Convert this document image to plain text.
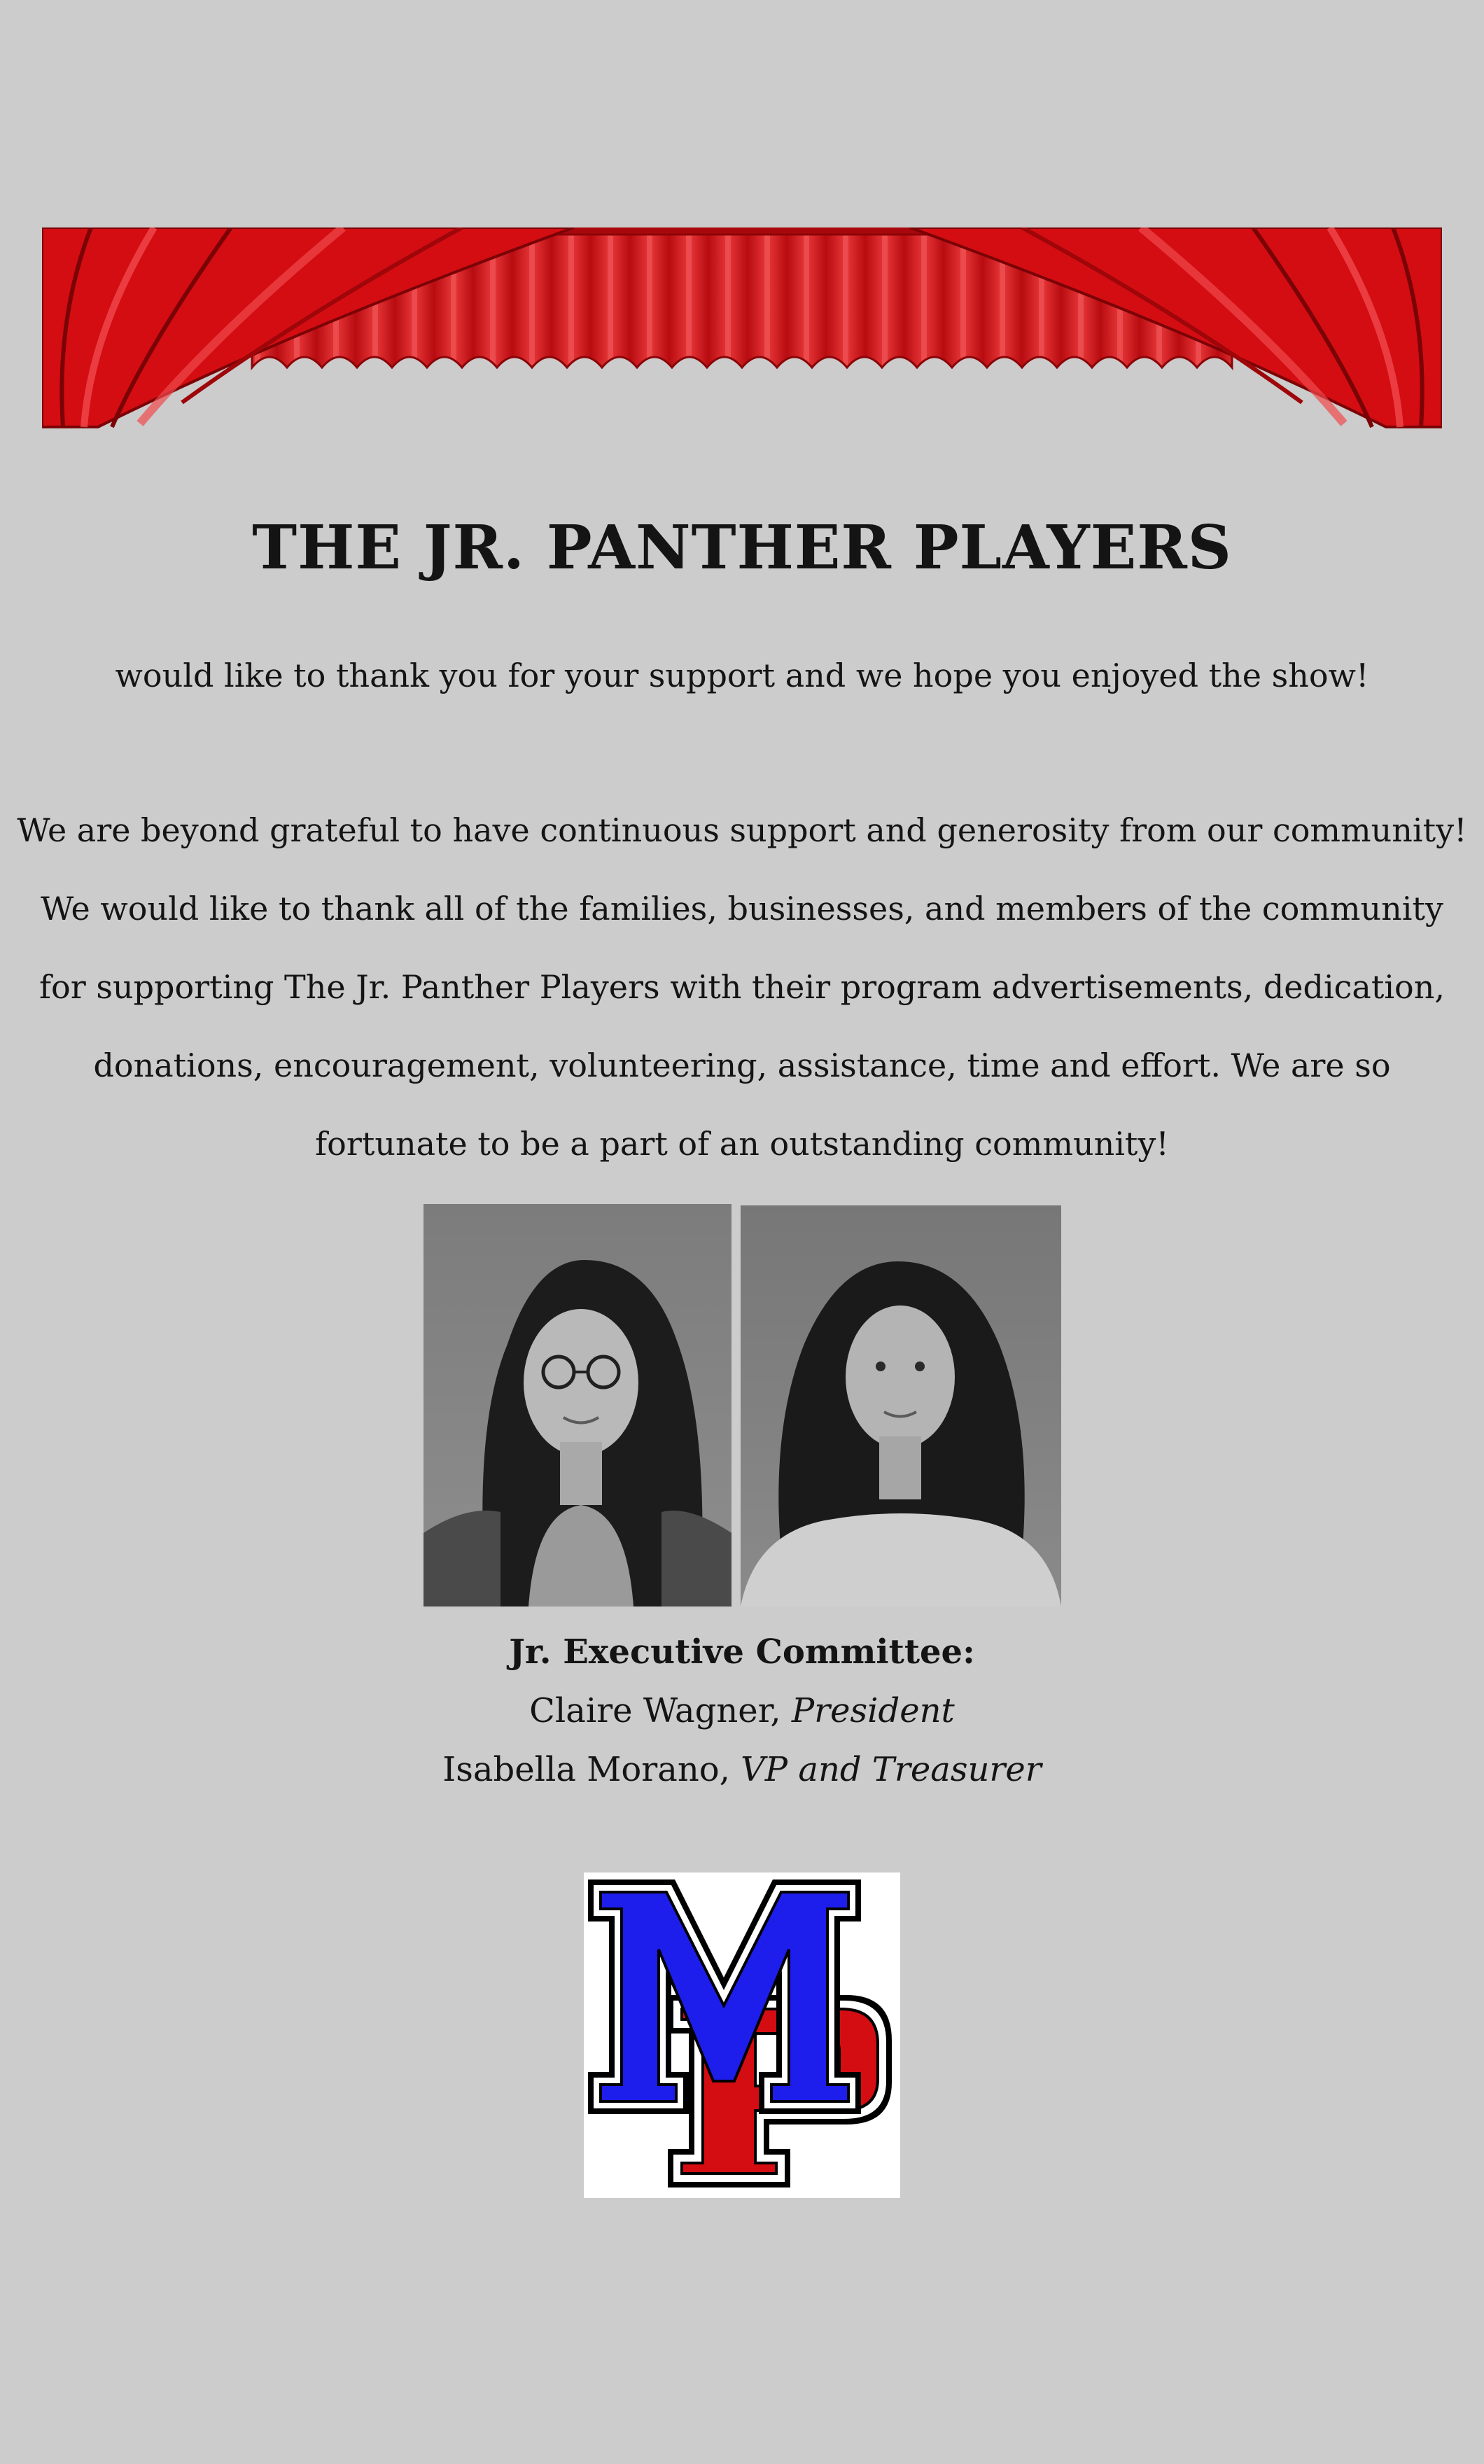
THE JR. PANTHER PLAYERS

would like to thank you for your support and we hope you enjoyed the show!

We are beyond grateful to have continuous support and generosity from our community! We would like to thank all of the families, businesses, and members of the community for supporting The Jr. Panther Players with their program advertisements, dedication, donations, encouragement, volunteering, assistance, time and effort. We are so fortunate to be a part of an outstanding community!

Jr. Executive Committee:
Claire Wagner, President
Isabella Morano, VP and Treasurer
